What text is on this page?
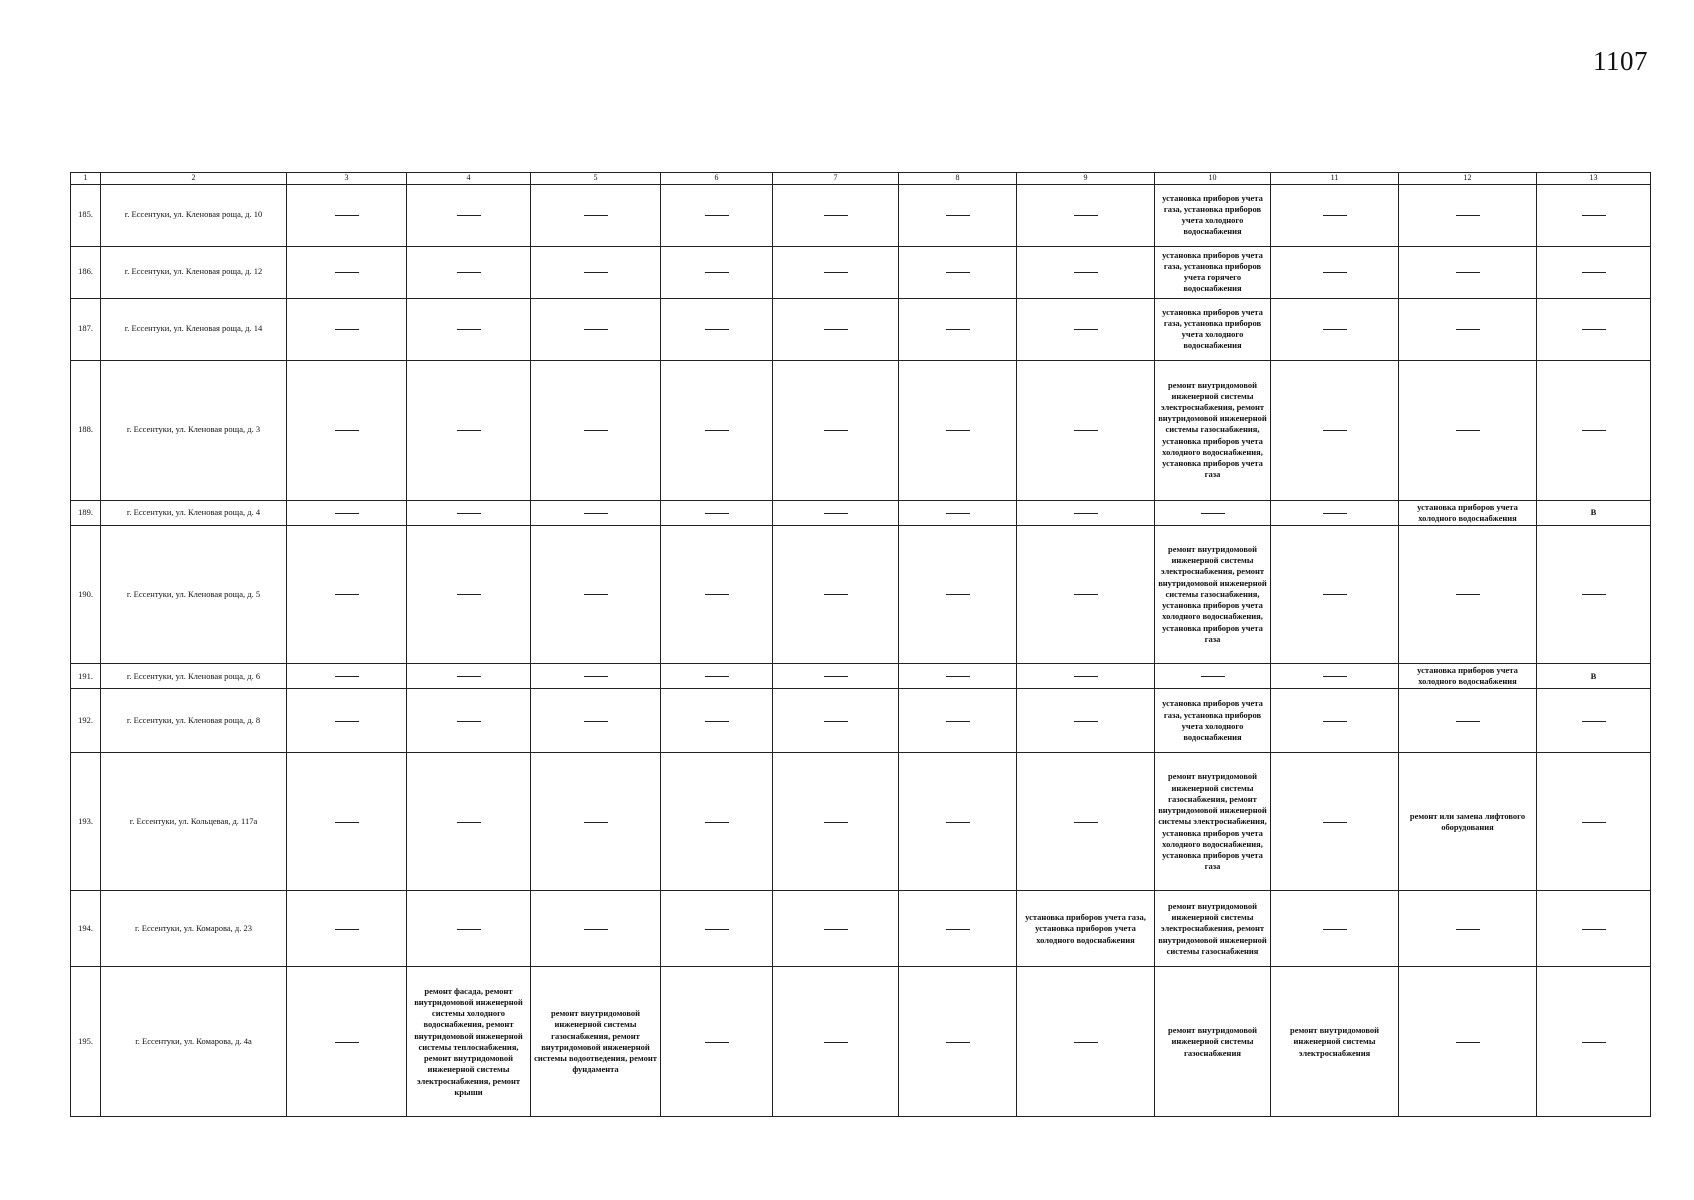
1107
1	2	3	4	5	6	7	8	9	10	11	12	13
185.	г. Ессентуки, ул. Кленовая роща, д. 10								установка приборов учета газа, установка приборов учета холодного водоснабжения			
186.	г. Ессентуки, ул. Кленовая роща, д. 12								установка приборов учета газа, установка приборов учета горячего водоснабжения			
187.	г. Ессентуки, ул. Кленовая роща, д. 14								установка приборов учета газа, установка приборов учета холодного водоснабжения			
188.	г. Ессентуки, ул. Кленовая роща, д. 3								ремонт внутридомовой инженерной системы электроснабжения, ремонт внутридомовой инженерной системы газоснабжения, установка приборов учета холодного водоснабжения, установка приборов учета газа			
189.	г. Ессентуки, ул. Кленовая роща, д. 4										установка приборов учета холодного водоснабжения	В
190.	г. Ессентуки, ул. Кленовая роща, д. 5								ремонт внутридомовой инженерной системы электроснабжения, ремонт внутридомовой инженерной системы газоснабжения, установка приборов учета холодного водоснабжения, установка приборов учета газа			
191.	г. Ессентуки, ул. Кленовая роща, д. 6										установка приборов учета холодного водоснабжения	В
192.	г. Ессентуки, ул. Кленовая роща, д. 8								установка приборов учета газа, установка приборов учета холодного водоснабжения			
193.	г. Ессентуки, ул. Кольцевая, д. 117а								ремонт внутридомовой инженерной системы газоснабжения, ремонт внутридомовой инженерной системы электроснабжения, установка приборов учета холодного водоснабжения, установка приборов учета газа		ремонт или замена лифтового оборудования	
194.	г. Ессентуки, ул. Комарова, д. 23							установка приборов учета газа, установка приборов учета холодного водоснабжения	ремонт внутридомовой инженерной системы электроснабжения, ремонт внутридомовой инженерной системы газоснабжения			
195.	г. Ессентуки, ул. Комарова, д. 4а		ремонт фасада, ремонт внутридомовой инженерной системы холодного водоснабжения, ремонт внутридомовой инженерной системы теплоснабжения, ремонт внутридомовой инженерной системы электроснабжения, ремонт крыши	ремонт внутридомовой инженерной системы газоснабжения, ремонт внутридомовой инженерной системы водоотведения, ремонт фундамента					ремонт внутридомовой инженерной системы газоснабжения	ремонт внутридомовой инженерной системы электроснабжения		
